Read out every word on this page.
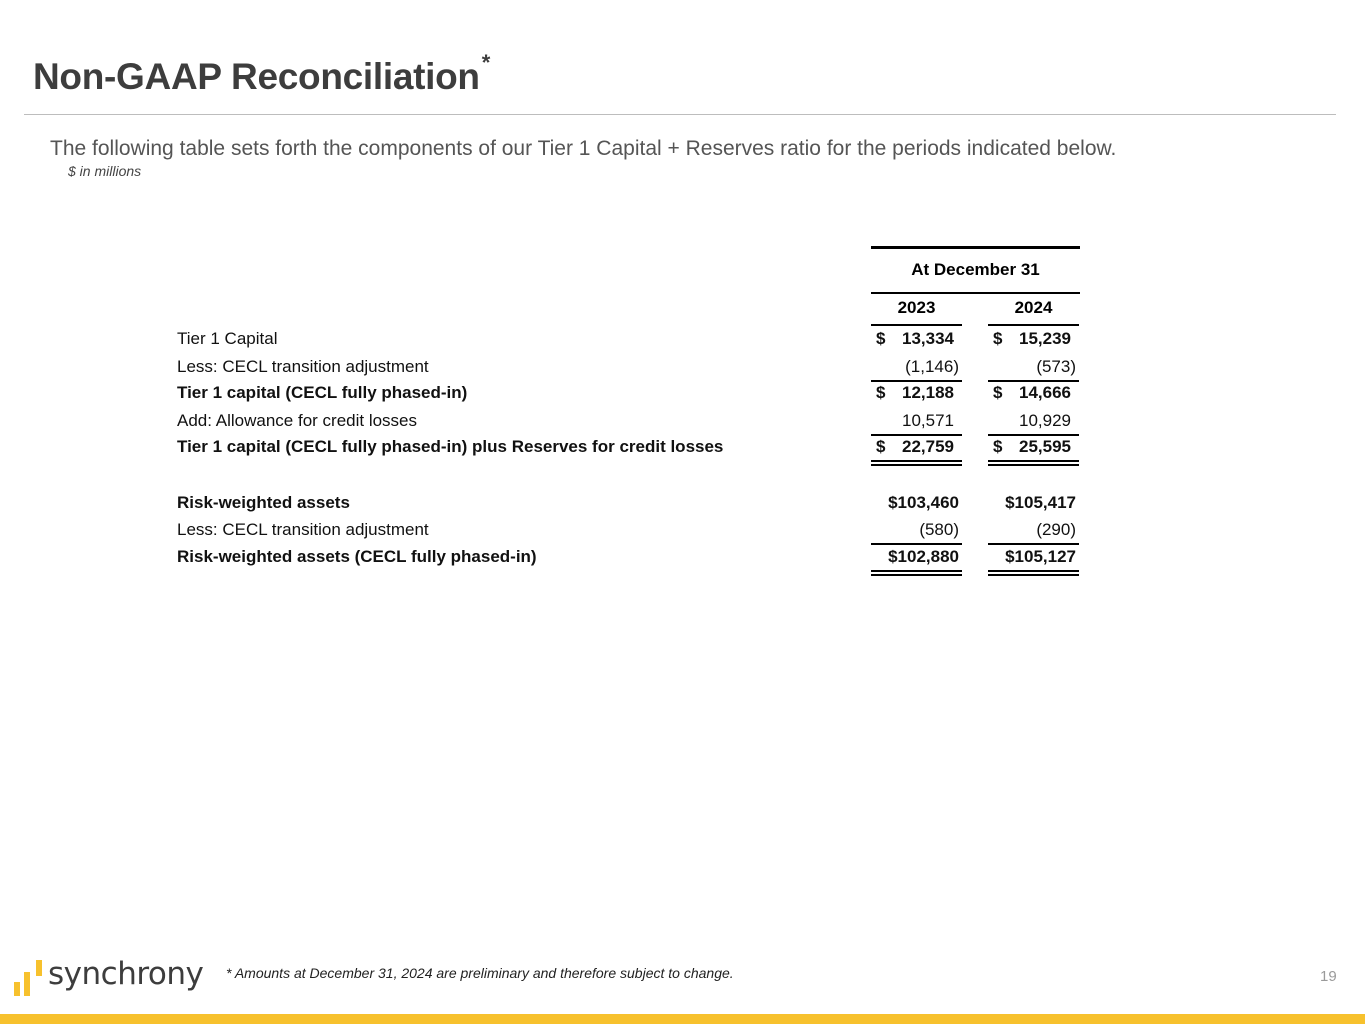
Non-GAAP Reconciliation*
The following table sets forth the components of our Tier 1 Capital + Reserves ratio for the periods indicated below.
$ in millions
At December 31
2023	2024
Tier 1 Capital	$ 13,334 $ 15,239
Less: CECL transition adjustment	(1,146)	(573)
Tier 1 capital (CECL fully phased-in)	$ 12,188 $ 14,666
Add: Allowance for credit losses	10,571	10,929
Tier 1 capital (CECL fully phased-in) plus Reserves for credit losses	$ 22,759 $ 25,595
Risk-weighted assets	$103,460	$105,417
Less: CECL transition adjustment	(580)	(290)
Risk-weighted assets (CECL fully phased-in)	$102,880	$105,127
synchrony * Amounts at December 31, 2024 are preliminary and therefore subject to change.	19
